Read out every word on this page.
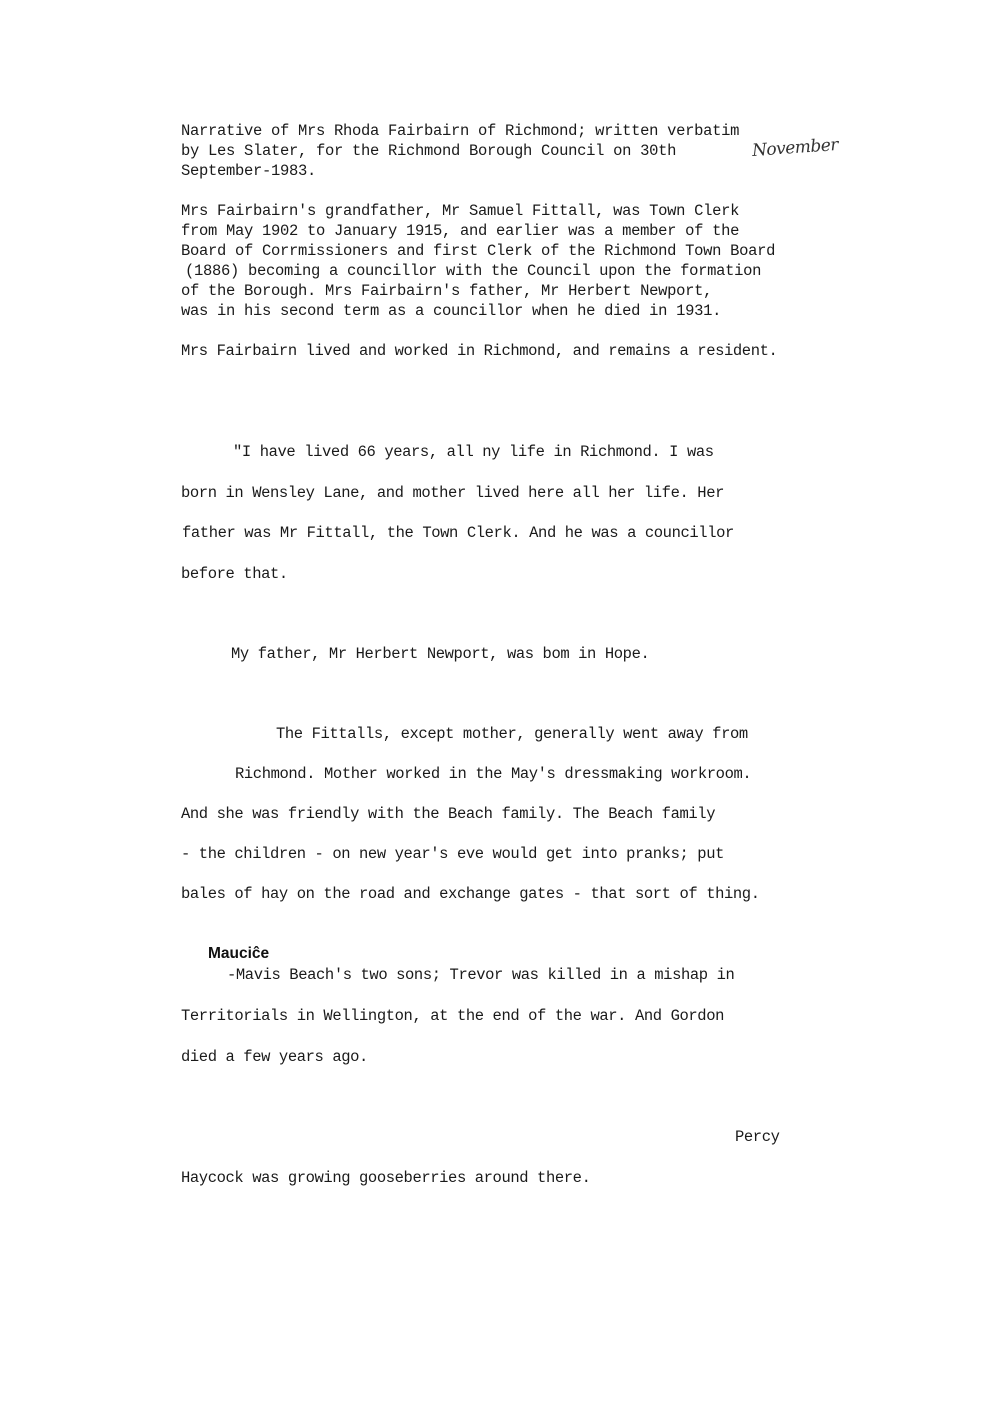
Narrative of Mrs Rhoda Fairbairn of Richmond; written verbatim
by Les Slater, for the Richmond Borough Council on 30th
September-1983.
November
Mrs Fairbairn's grandfather, Mr Samuel Fittall, was Town Clerk
from May 1902 to January 1915, and earlier was a member of the
Board of Corrmissioners and first Clerk of the Richmond Town Board
(1886) becoming a councillor with the Council upon the formation
of the Borough. Mrs Fairbairn's father, Mr Herbert Newport,
was in his second term as a councillor when he died in 1931.
Mrs Fairbairn lived and worked in Richmond, and remains a resident.
"I have lived 66 years, all ny life in Richmond. I was
born in Wensley Lane, and mother lived here all her life. Her
father was Mr Fittall, the Town Clerk. And he was a councillor
before that.
My father, Mr Herbert Newport, was bom in Hope.
The Fittalls, except mother, generally went away from
Richmond. Mother worked in the May's dressmaking workroom.
And she was friendly with the Beach family. The Beach family
- the children - on new year's eve would get into pranks; put
bales of hay on the road and exchange gates - that sort of thing.
Mauciĉe
-Mavis Beach's two sons; Trevor was killed in a mishap in
Territorials in Wellington, at the end of the war. And Gordon
died a few years ago.
Percy
Haycock was growing gooseberries around there.
